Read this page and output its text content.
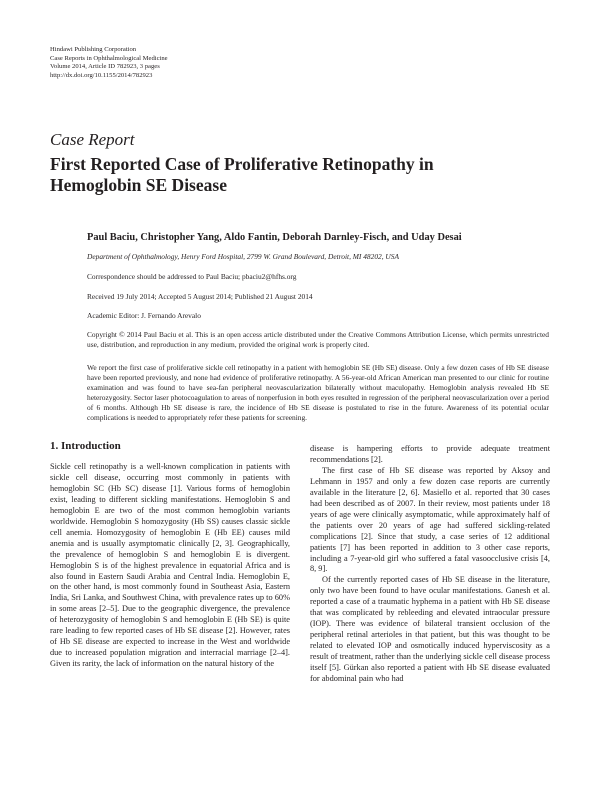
Hindawi Publishing Corporation
Case Reports in Ophthalmological Medicine
Volume 2014, Article ID 782923, 3 pages
http://dx.doi.org/10.1155/2014/782923
Case Report
First Reported Case of Proliferative Retinopathy in Hemoglobin SE Disease
Paul Baciu, Christopher Yang, Aldo Fantin, Deborah Darnley-Fisch, and Uday Desai
Department of Ophthalmology, Henry Ford Hospital, 2799 W. Grand Boulevard, Detroit, MI 48202, USA
Correspondence should be addressed to Paul Baciu; pbaciu2@hfhs.org
Received 19 July 2014; Accepted 5 August 2014; Published 21 August 2014
Academic Editor: J. Fernando Arevalo
Copyright © 2014 Paul Baciu et al. This is an open access article distributed under the Creative Commons Attribution License, which permits unrestricted use, distribution, and reproduction in any medium, provided the original work is properly cited.
We report the first case of proliferative sickle cell retinopathy in a patient with hemoglobin SE (Hb SE) disease. Only a few dozen cases of Hb SE disease have been reported previously, and none had evidence of proliferative retinopathy. A 56-year-old African American man presented to our clinic for routine examination and was found to have sea-fan peripheral neovascularization bilaterally without maculopathy. Hemoglobin analysis revealed Hb SE heterozygosity. Sector laser photocoagulation to areas of nonperfusion in both eyes resulted in regression of the peripheral neovascularization over a period of 6 months. Although Hb SE disease is rare, the incidence of Hb SE disease is postulated to rise in the future. Awareness of its potential ocular complications is needed to appropriately refer these patients for screening.
1. Introduction

Sickle cell retinopathy is a well-known complication in patients with sickle cell disease, occurring most commonly in patients with hemoglobin SC (Hb SC) disease [1]. Various forms of hemoglobin exist, leading to different sickling manifestations. Hemoglobin S and hemoglobin E are two of the most common hemoglobin variants worldwide. Hemoglobin S homozygosity (Hb SS) causes classic sickle cell anemia. Homozygosity of hemoglobin E (Hb EE) causes mild anemia and is usually asymptomatic clinically [2, 3]. Geographically, the prevalence of hemoglobin S and hemoglobin E is divergent. Hemoglobin S is of the highest prevalence in equatorial Africa and is also found in Eastern Saudi Arabia and Central India. Hemoglobin E, on the other hand, is most commonly found in Southeast Asia, Eastern India, Sri Lanka, and Southwest China, with prevalence rates up to 60% in some areas [2–5]. Due to the geographic divergence, the prevalence of heterozygosity of hemoglobin S and hemoglobin E (Hb SE) is quite rare leading to few reported cases of Hb SE disease [2]. However, rates of Hb SE disease are expected to increase in the West and worldwide due to increased population migration and interracial marriage [2–4]. Given its rarity, the lack of information on the natural history of the

disease is hampering efforts to provide adequate treatment recommendations [2].

The first case of Hb SE disease was reported by Aksoy and Lehmann in 1957 and only a few dozen case reports are currently available in the literature [2, 6]. Masiello et al. reported that 30 cases had been described as of 2007. In their review, most patients under 18 years of age were clinically asymptomatic, while approximately half of the patients over 20 years of age had suffered sickling-related complications [2]. Since that study, a case series of 12 additional patients [7] has been reported in addition to 3 other case reports, including a 7-year-old girl who suffered a fatal vasoocclusive crisis [4, 8, 9].

Of the currently reported cases of Hb SE disease in the literature, only two have been found to have ocular manifestations. Ganesh et al. reported a case of a traumatic hyphema in a patient with Hb SE disease that was complicated by rebleeding and elevated intraocular pressure (IOP). There was evidence of bilateral transient occlusion of the peripheral retinal arterioles in that patient, but this was thought to be related to elevated IOP and osmotically induced hyperviscosity as a result of treatment, rather than the underlying sickle cell disease process itself [5]. Gürkan also reported a patient with Hb SE disease evaluated for abdominal pain who had
